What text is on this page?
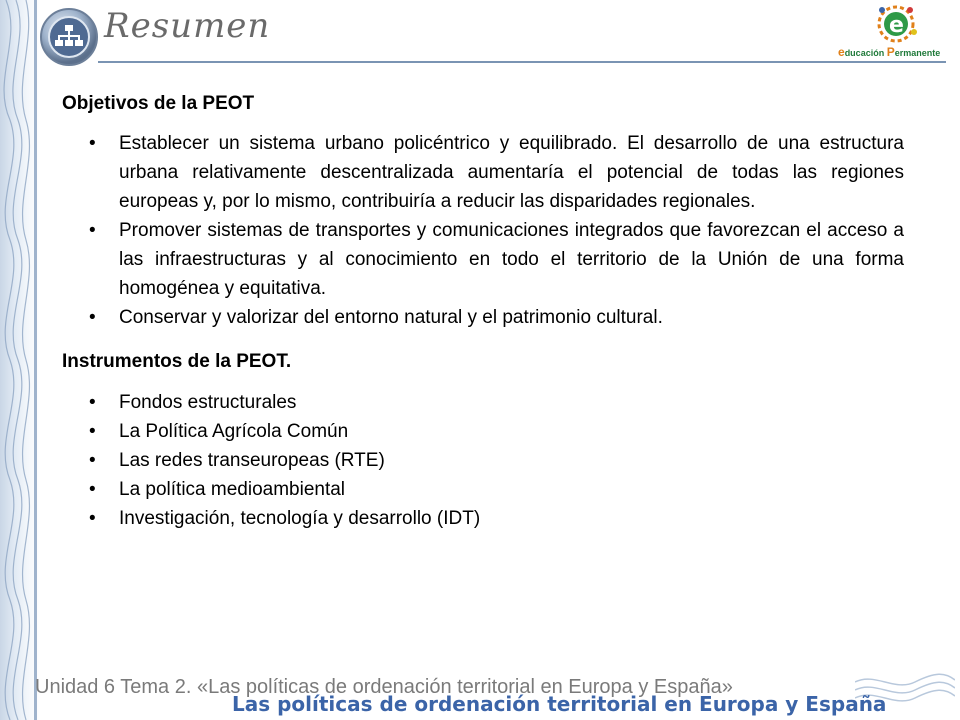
Resumen	e
educación Permanente

Objetivos de la PEOT

• Establecer un sistema urbano policéntrico y equilibrado. El desarrollo de una estructura urbana relativamente descentralizada aumentaría el potencial de todas las regiones europeas y, por lo mismo, contribuiría a reducir las disparidades regionales.
• Promover sistemas de transportes y comunicaciones integrados que favorezcan el acceso a las infraestructuras y al conocimiento en todo el territorio de la Unión de una forma homogénea y equitativa.
• Conservar y valorizar del entorno natural y el patrimonio cultural.

Instrumentos de la PEOT.

• Fondos estructurales
• La Política Agrícola Común
• Las redes transeuropeas (RTE)
• La política medioambiental
• Investigación, tecnología y desarrollo (IDT)
Unidad 6 Tema 2. «Las políticas de ordenación territorial en Europa y España»
Las políticas de ordenación territorial en Europa y España
